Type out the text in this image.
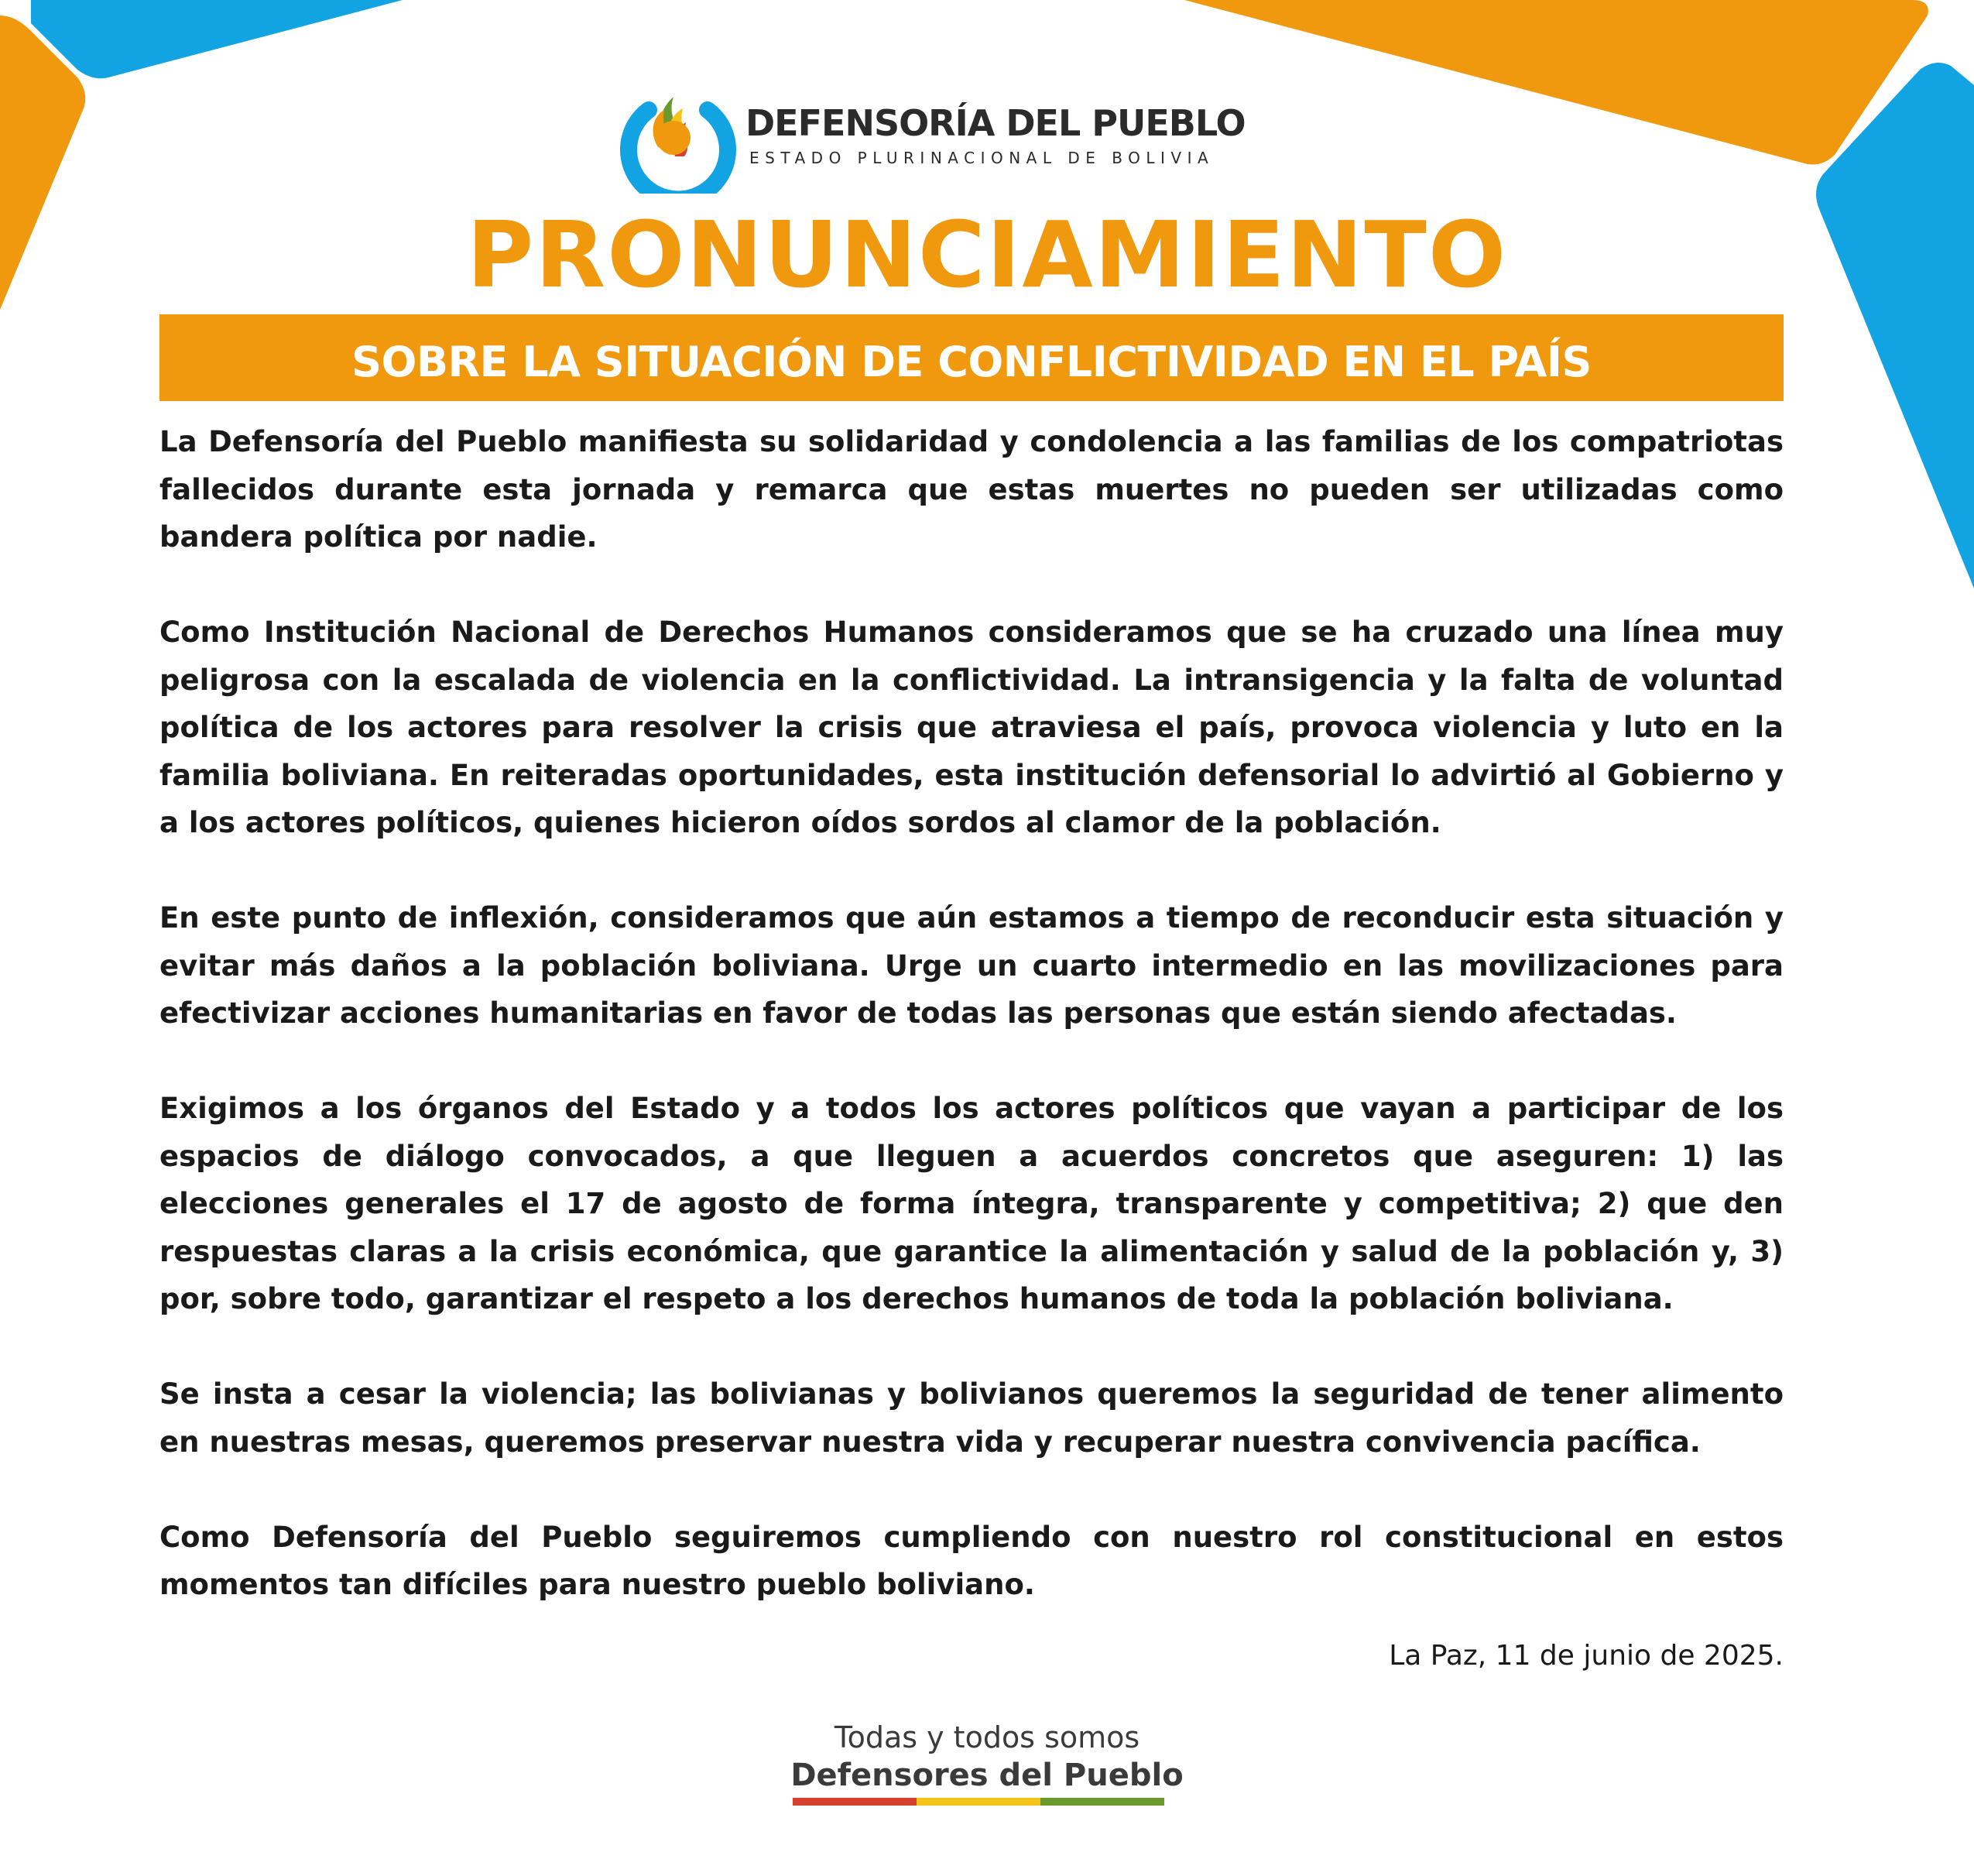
DEFENSORÍA DEL PUEBLO
ESTADO PLURINACIONAL DE BOLIVIA
PRONUNCIAMIENTO
SOBRE LA SITUACIÓN DE CONFLICTIVIDAD EN EL PAÍS

La Defensoría del Pueblo manifiesta su solidaridad y condolencia a las familias de los compatriotas fallecidos durante esta jornada y remarca que estas muertes no pueden ser utilizadas como bandera política por nadie.

Como Institución Nacional de Derechos Humanos consideramos que se ha cruzado una línea muy peligrosa con la escalada de violencia en la conflictividad. La intransigencia y la falta de voluntad política de los actores para resolver la crisis que atraviesa el país, provoca violencia y luto en la familia boliviana. En reiteradas oportunidades, esta institución defensorial lo advirtió al Gobierno y a los actores políticos, quienes hicieron oídos sordos al clamor de la población.

En este punto de inflexión, consideramos que aún estamos a tiempo de reconducir esta situación y evitar más daños a la población boliviana. Urge un cuarto intermedio en las movilizaciones para efectivizar acciones humanitarias en favor de todas las personas que están siendo afectadas.

Exigimos a los órganos del Estado y a todos los actores políticos que vayan a participar de los espacios de diálogo convocados, a que lleguen a acuerdos concretos que aseguren: 1) las elecciones generales el 17 de agosto de forma íntegra, transparente y competitiva; 2) que den respuestas claras a la crisis económica, que garantice la alimentación y salud de la población y, 3) por, sobre todo, garantizar el respeto a los derechos humanos de toda la población boliviana.

Se insta a cesar la violencia; las bolivianas y bolivianos queremos la seguridad de tener alimento en nuestras mesas, queremos preservar nuestra vida y recuperar nuestra convivencia pacífica.

Como Defensoría del Pueblo seguiremos cumpliendo con nuestro rol constitucional en estos momentos tan difíciles para nuestro pueblo boliviano.

La Paz, 11 de junio de 2025.
Todas y todos somos
Defensores del Pueblo
